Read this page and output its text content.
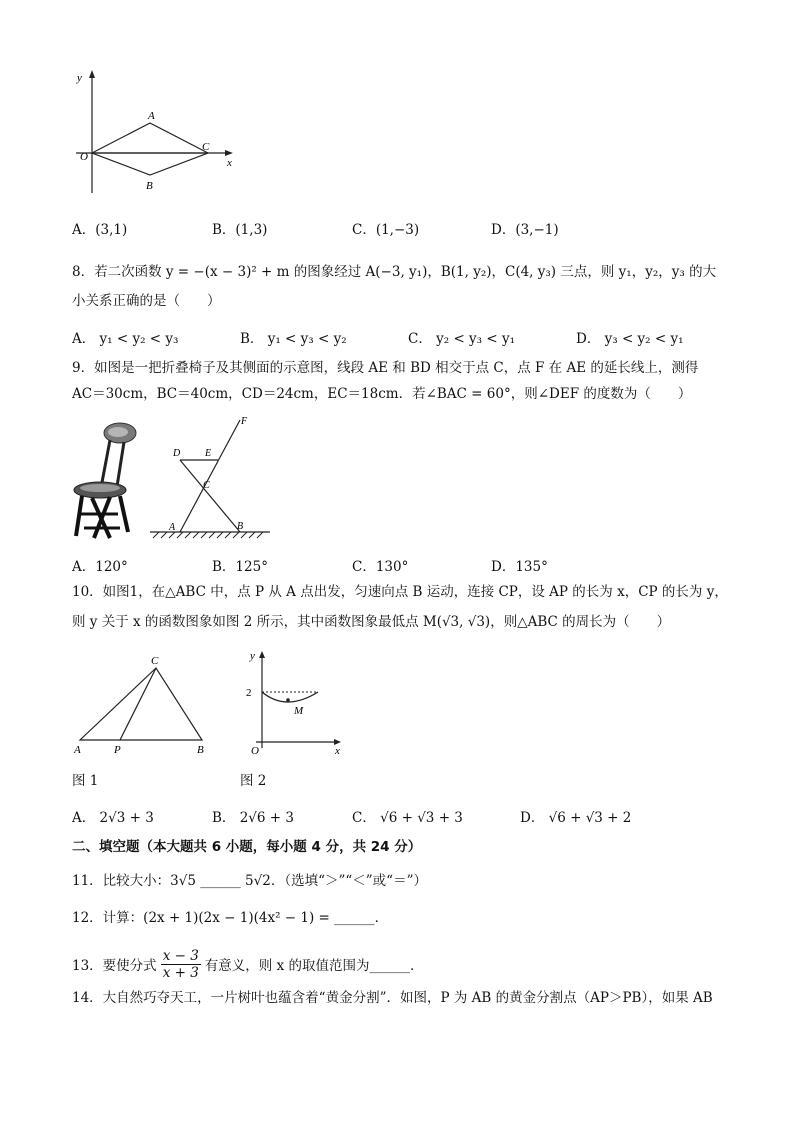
y
x
O
A
C
B
A．(3,1)	B．(1,3)	C．(1,−3)	D．(3,−1)
8．若二次函数 y = −(x − 3)² + m 的图象经过 A(−3, y₁)，B(1, y₂)，C(4, y₃) 三点，则 y₁，y₂，y₃ 的大
小关系正确的是（　　）
A． y₁ < y₂ < y₃	B． y₁ < y₃ < y₂	C． y₂ < y₃ < y₁	D． y₃ < y₂ < y₁
9．如图是一把折叠椅子及其侧面的示意图，线段 AE 和 BD 相交于点 C，点 F 在 AE 的延长线上，测得
AC＝30cm，BC＝40cm，CD＝24cm，EC＝18cm．若∠BAC = 60°，则∠DEF 的度数为（　　）
D E
F
C
A	B
A．120°	B．125°	C．130°	D．135°
10．如图1，在△ABC 中，点 P 从 A 点出发，匀速向点 B 运动，连接 CP，设 AP 的长为 x，CP 的长为 y，
则 y 关于 x 的函数图象如图 2 所示，其中函数图象最低点 M(√3, √3)，则△ABC 的周长为（　　）
C
A	P	B
2
y
M
O	x
图 1	图 2
A． 2√3 + 3	B． 2√6 + 3	C． √6 + √3 + 3	D． √6 + √3 + 2
二、填空题（本大题共 6 小题，每小题 4 分，共 24 分）
11．比较大小：3√5 ______ 5√2．（选填“＞”“＜”或“＝”）
12．计算：(2x + 1)(2x − 1)(4x² − 1) = ______．
13．要使分式 $\frac{x - 3}{x + 3}$ 有意义，则 x 的取值范围为______．
14．大自然巧夺天工，一片树叶也蕴含着“黄金分割”．如图，P 为 AB 的黄金分割点（AP＞PB），如果 AB
